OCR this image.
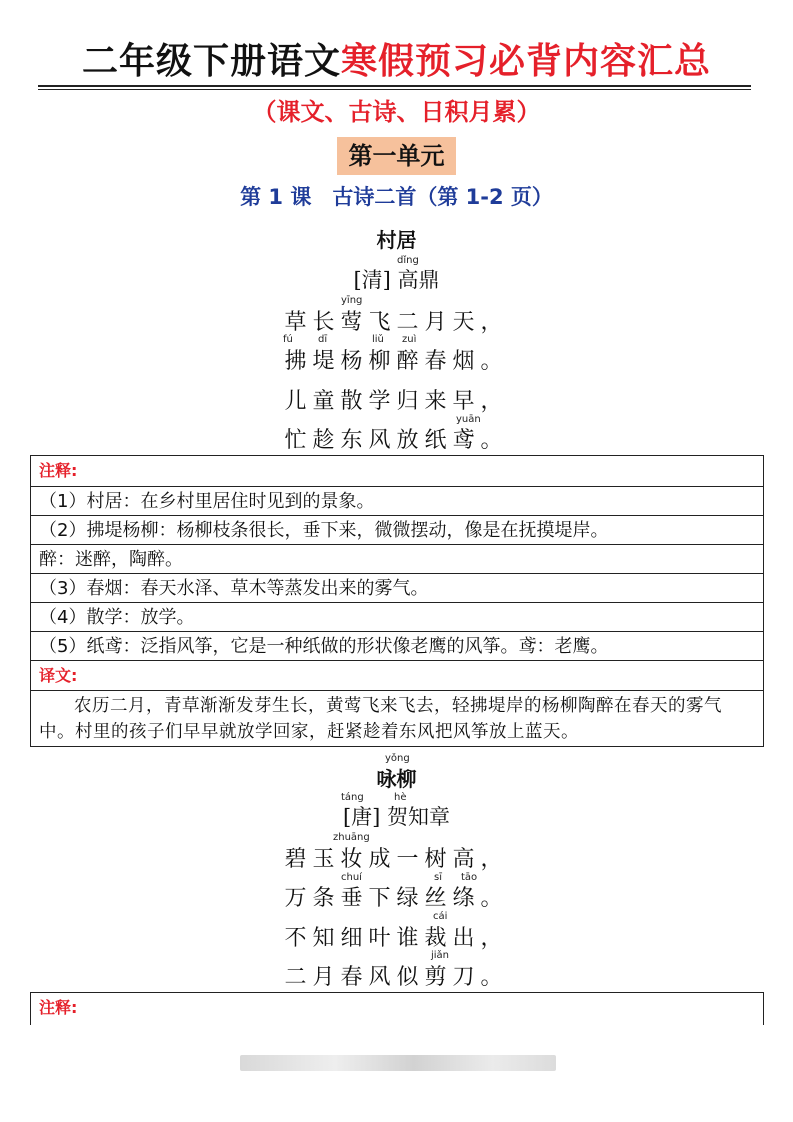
二年级下册语文寒假预习必背内容汇总
（课文、古诗、日积月累）
第一单元
第 1 课　古诗二首（第 1-2 页）
村居
dǐng
[清] 高鼎
yīng
草长莺飞二月天，
fú	dī	liǔ zuì
拂堤杨柳醉春烟。
儿童散学归来早，
yuān
忙趁东风放纸鸢。
注释:
（1）村居：在乡村里居住时见到的景象。
（2）拂堤杨柳：杨柳枝条很长，垂下来，微微摆动，像是在抚摸堤岸。
醉：迷醉，陶醉。
（3）春烟：春天水泽、草木等蒸发出来的雾气。
（4）散学：放学。
（5）纸鸢：泛指风筝，它是一种纸做的形状像老鹰的风筝。鸢：老鹰。
译文:
农历二月，青草渐渐发芽生长，黄莺飞来飞去，轻拂堤岸的杨柳陶醉在春天的雾气中。村里的孩子们早早就放学回家，赶紧趁着东风把风筝放上蓝天。
yǒng
咏柳
táng	hè
[唐] 贺知章
zhuāng
碧玉妆成一树高，
chuí	sī tāo
万条垂下绿丝绦。
cái
不知细叶谁裁出，
jiǎn
二月春风似剪刀。
注释:
